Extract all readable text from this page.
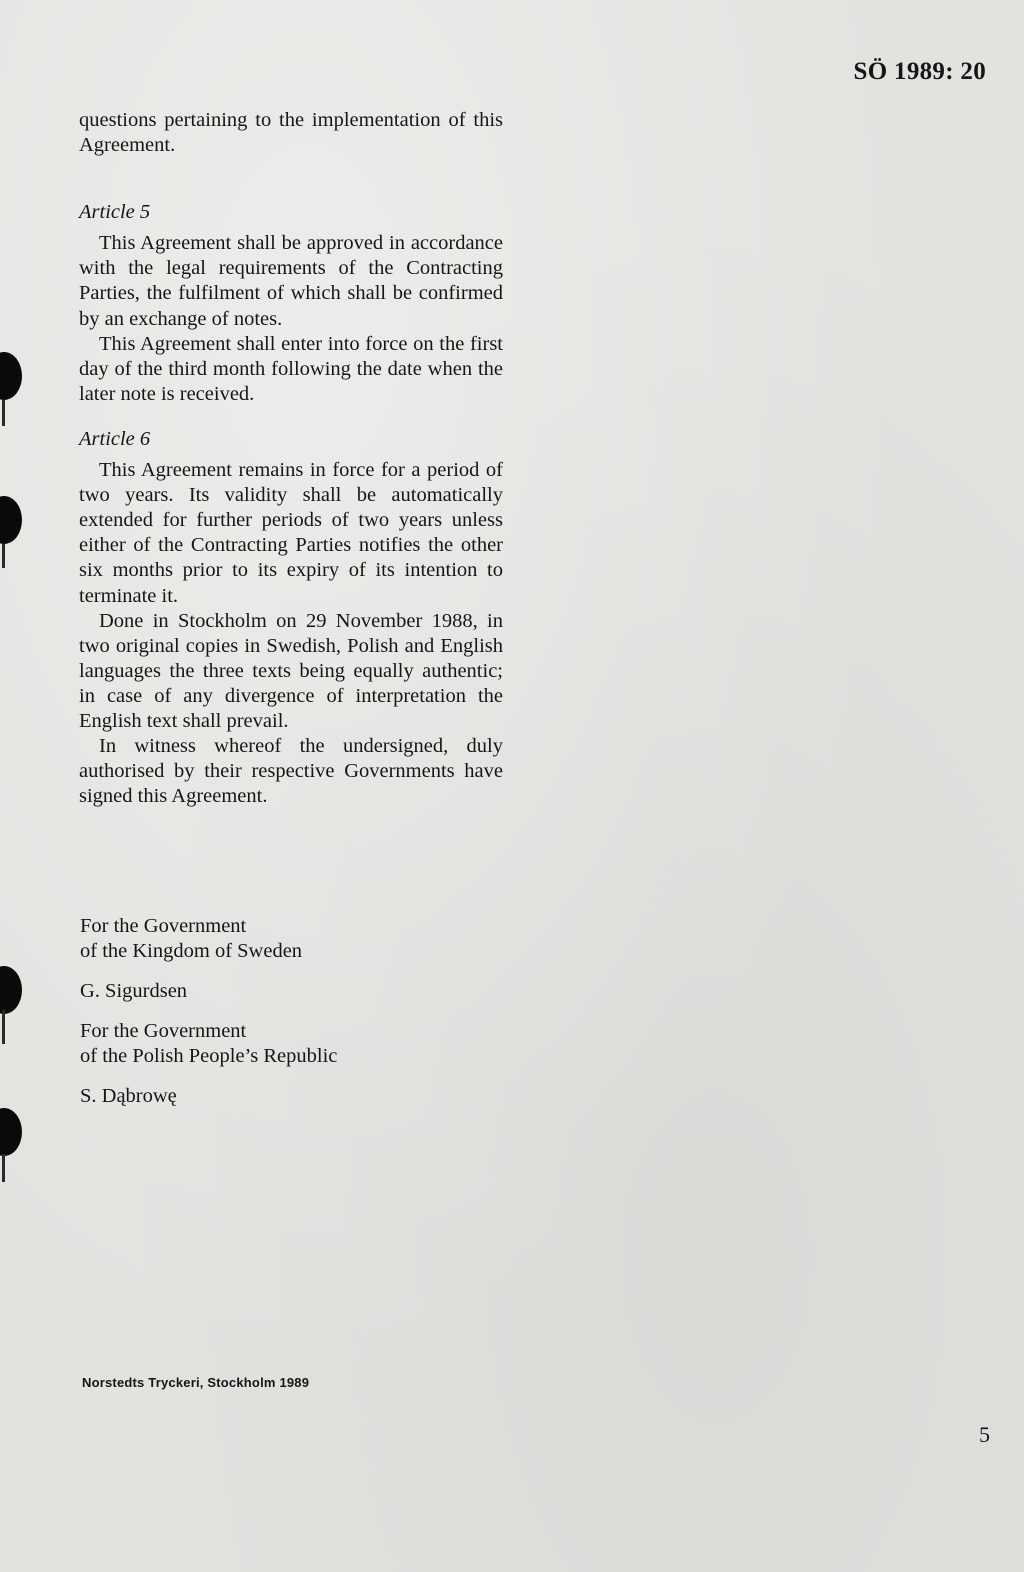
SÖ 1989: 20

questions pertaining to the implementation of this Agreement.

Article 5

This Agreement shall be approved in accordance with the legal requirements of the Contracting Parties, the fulfilment of which shall be confirmed by an exchange of notes.

This Agreement shall enter into force on the first day of the third month following the date when the later note is received.

Article 6

This Agreement remains in force for a period of two years. Its validity shall be automatically extended for further periods of two years unless either of the Contracting Parties notifies the other six months prior to its expiry of its intention to terminate it.

Done in Stockholm on 29 November 1988, in two original copies in Swedish, Polish and English languages the three texts being equally authentic; in case of any divergence of interpretation the English text shall prevail.

In witness whereof the undersigned, duly authorised by their respective Governments have signed this Agreement.

For the Government

of the Kingdom of Sweden

G. Sigurdsen

For the Government

of the Polish People’s Republic

S. Dąbrowę

Norstedts Tryckeri, Stockholm 1989
5
